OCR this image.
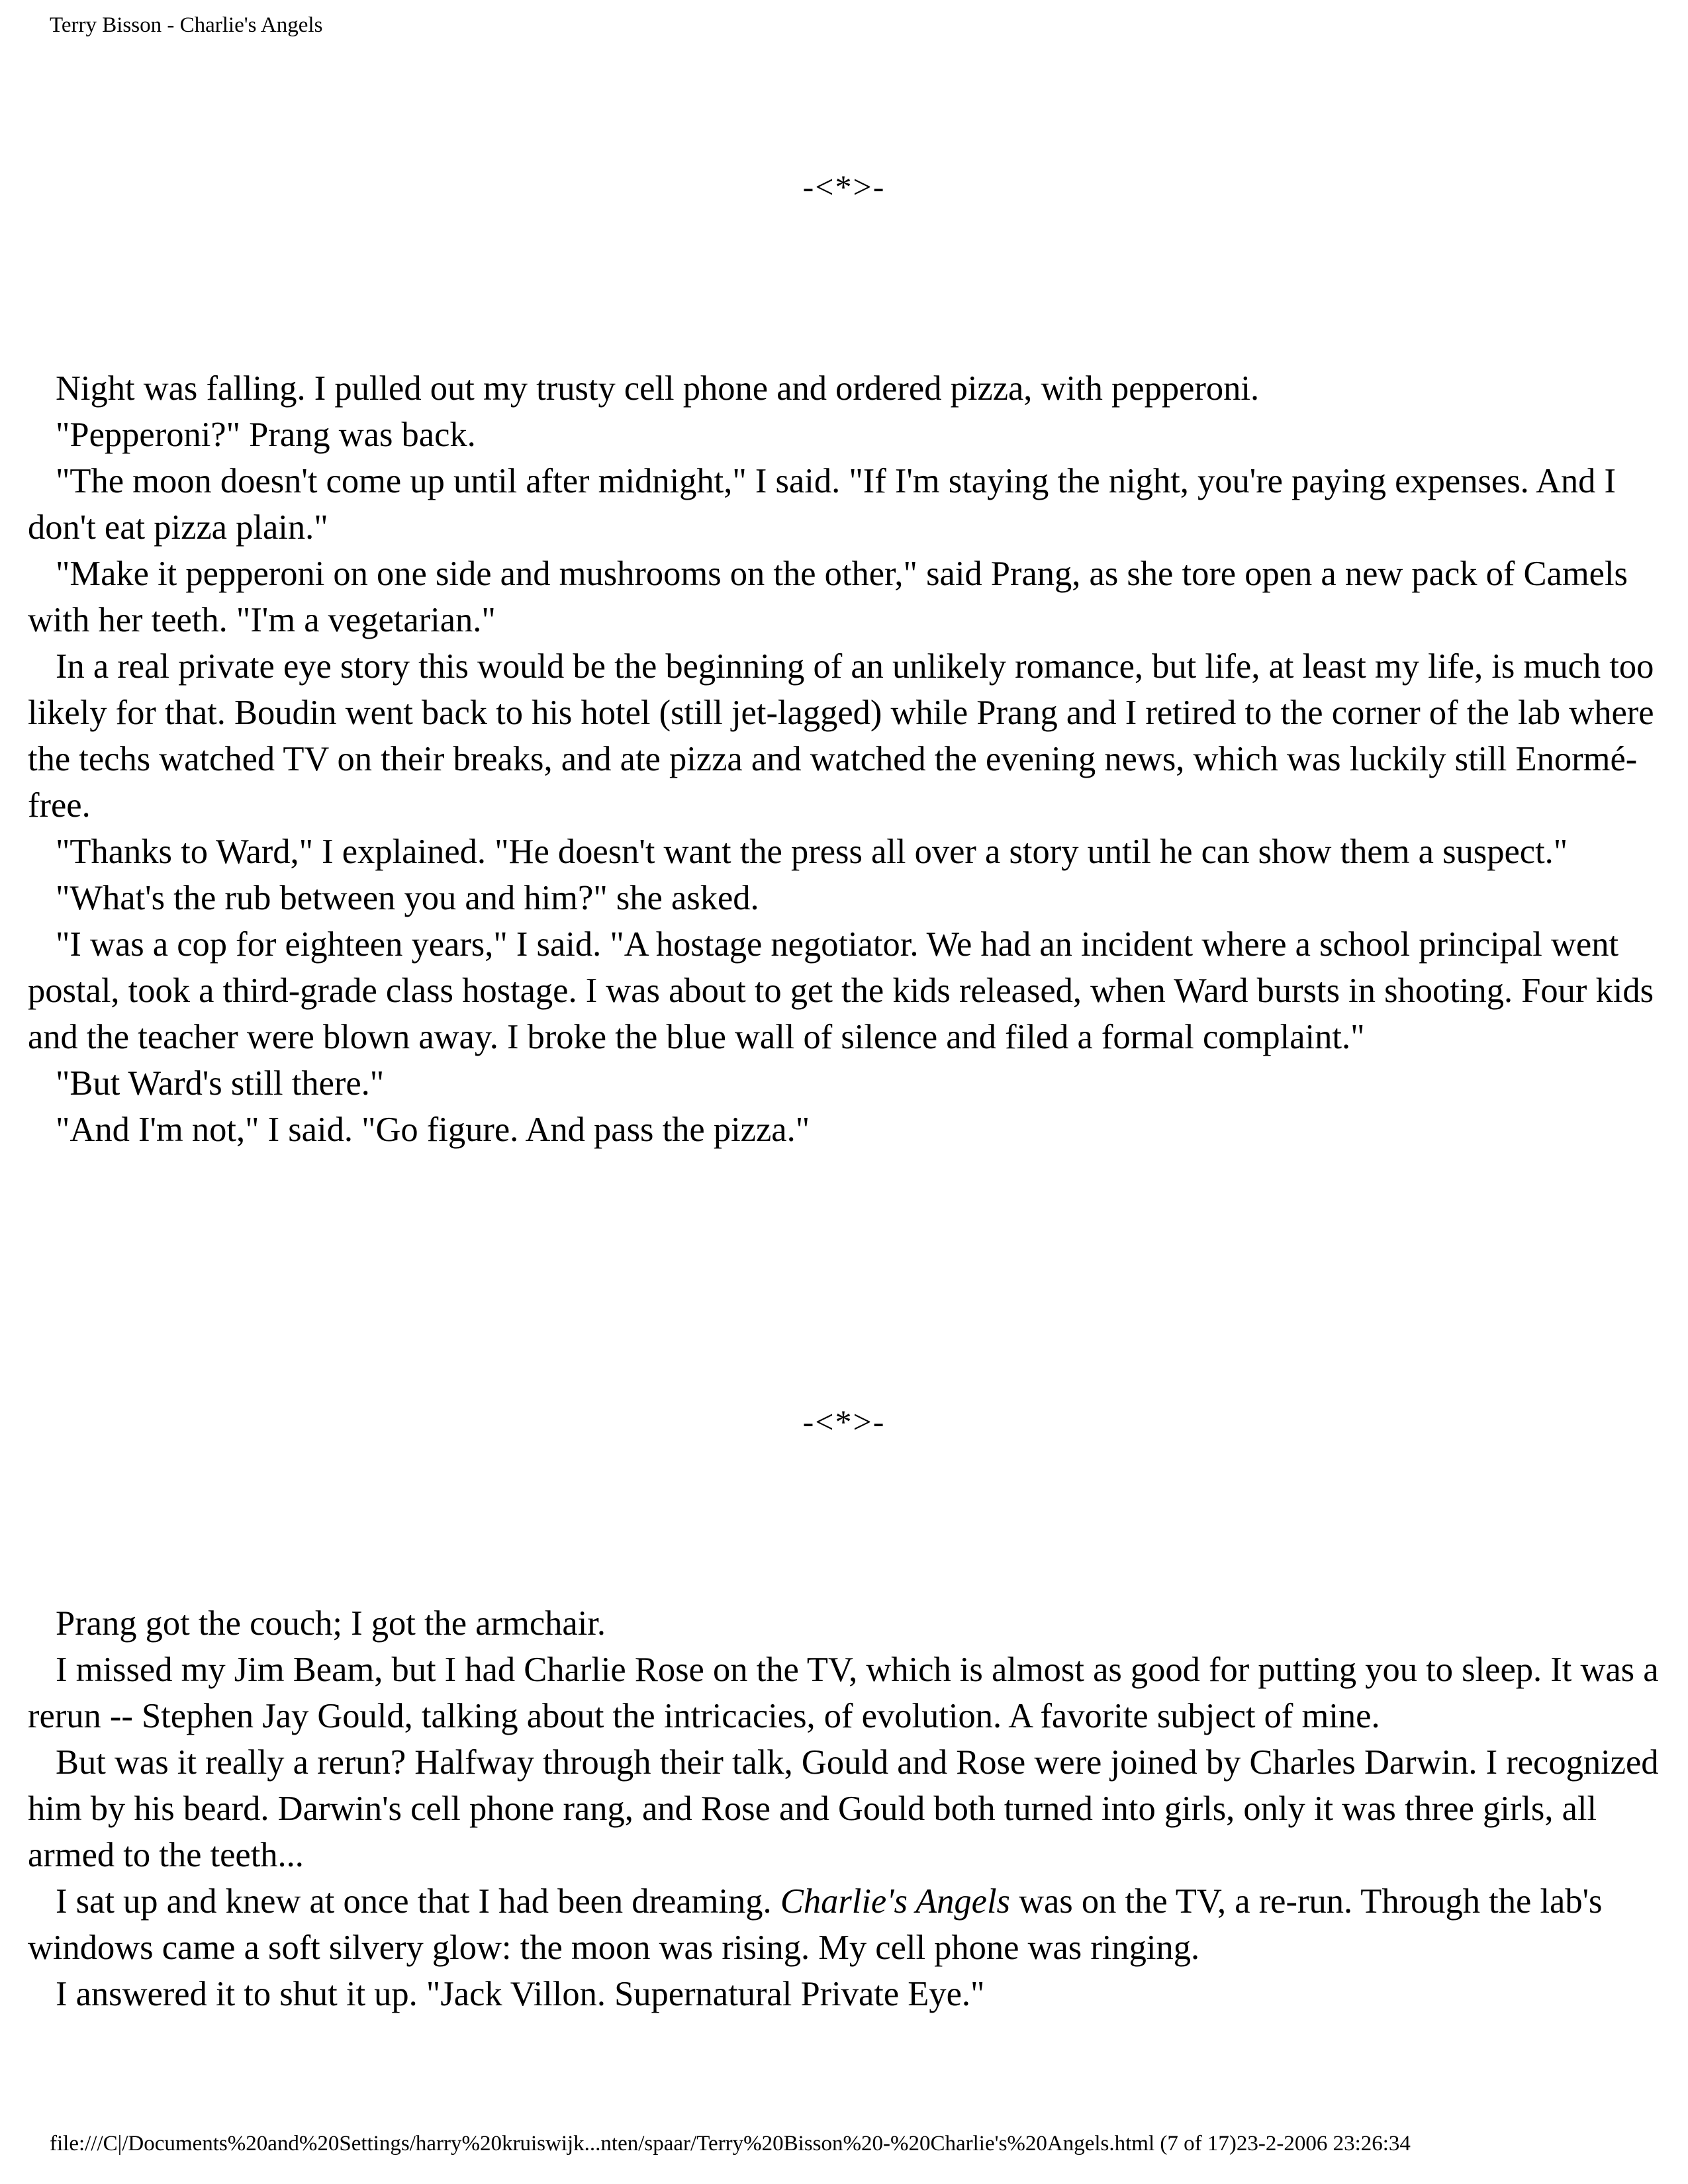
Terry Bisson - Charlie's Angels
-<*>-

Night was falling. I pulled out my trusty cell phone and ordered pizza, with pepperoni.

"Pepperoni?" Prang was back.

"The moon doesn't come up until after midnight," I said. "If I'm staying the night, you're paying expenses. And I don't eat pizza plain."

"Make it pepperoni on one side and mushrooms on the other," said Prang, as she tore open a new pack of Camels with her teeth. "I'm a vegetarian."

In a real private eye story this would be the beginning of an unlikely romance, but life, at least my life, is much too likely for that. Boudin went back to his hotel (still jet-lagged) while Prang and I retired to the corner of the lab where the techs watched TV on their breaks, and ate pizza and watched the evening news, which was luckily still Enormé-free.

"Thanks to Ward," I explained. "He doesn't want the press all over a story until he can show them a suspect."

"What's the rub between you and him?" she asked.

"I was a cop for eighteen years," I said. "A hostage negotiator. We had an incident where a school principal went postal, took a third-grade class hostage. I was about to get the kids released, when Ward bursts in shooting. Four kids and the teacher were blown away. I broke the blue wall of silence and filed a formal complaint."

"But Ward's still there."

"And I'm not," I said. "Go figure. And pass the pizza."

-<*>-

Prang got the couch; I got the armchair.

I missed my Jim Beam, but I had Charlie Rose on the TV, which is almost as good for putting you to sleep. It was a rerun -- Stephen Jay Gould, talking about the intricacies, of evolution. A favorite subject of mine.

But was it really a rerun? Halfway through their talk, Gould and Rose were joined by Charles Darwin. I recognized him by his beard. Darwin's cell phone rang, and Rose and Gould both turned into girls, only it was three girls, all armed to the teeth...

I sat up and knew at once that I had been dreaming. Charlie's Angels was on the TV, a re-run. Through the lab's windows came a soft silvery glow: the moon was rising. My cell phone was ringing.

I answered it to shut it up. "Jack Villon. Supernatural Private Eye."

file:///C|/Documents%20and%20Settings/harry%20kruiswijk...nten/spaar/Terry%20Bisson%20-%20Charlie's%20Angels.html (7 of 17)23-2-2006 23:26:34
